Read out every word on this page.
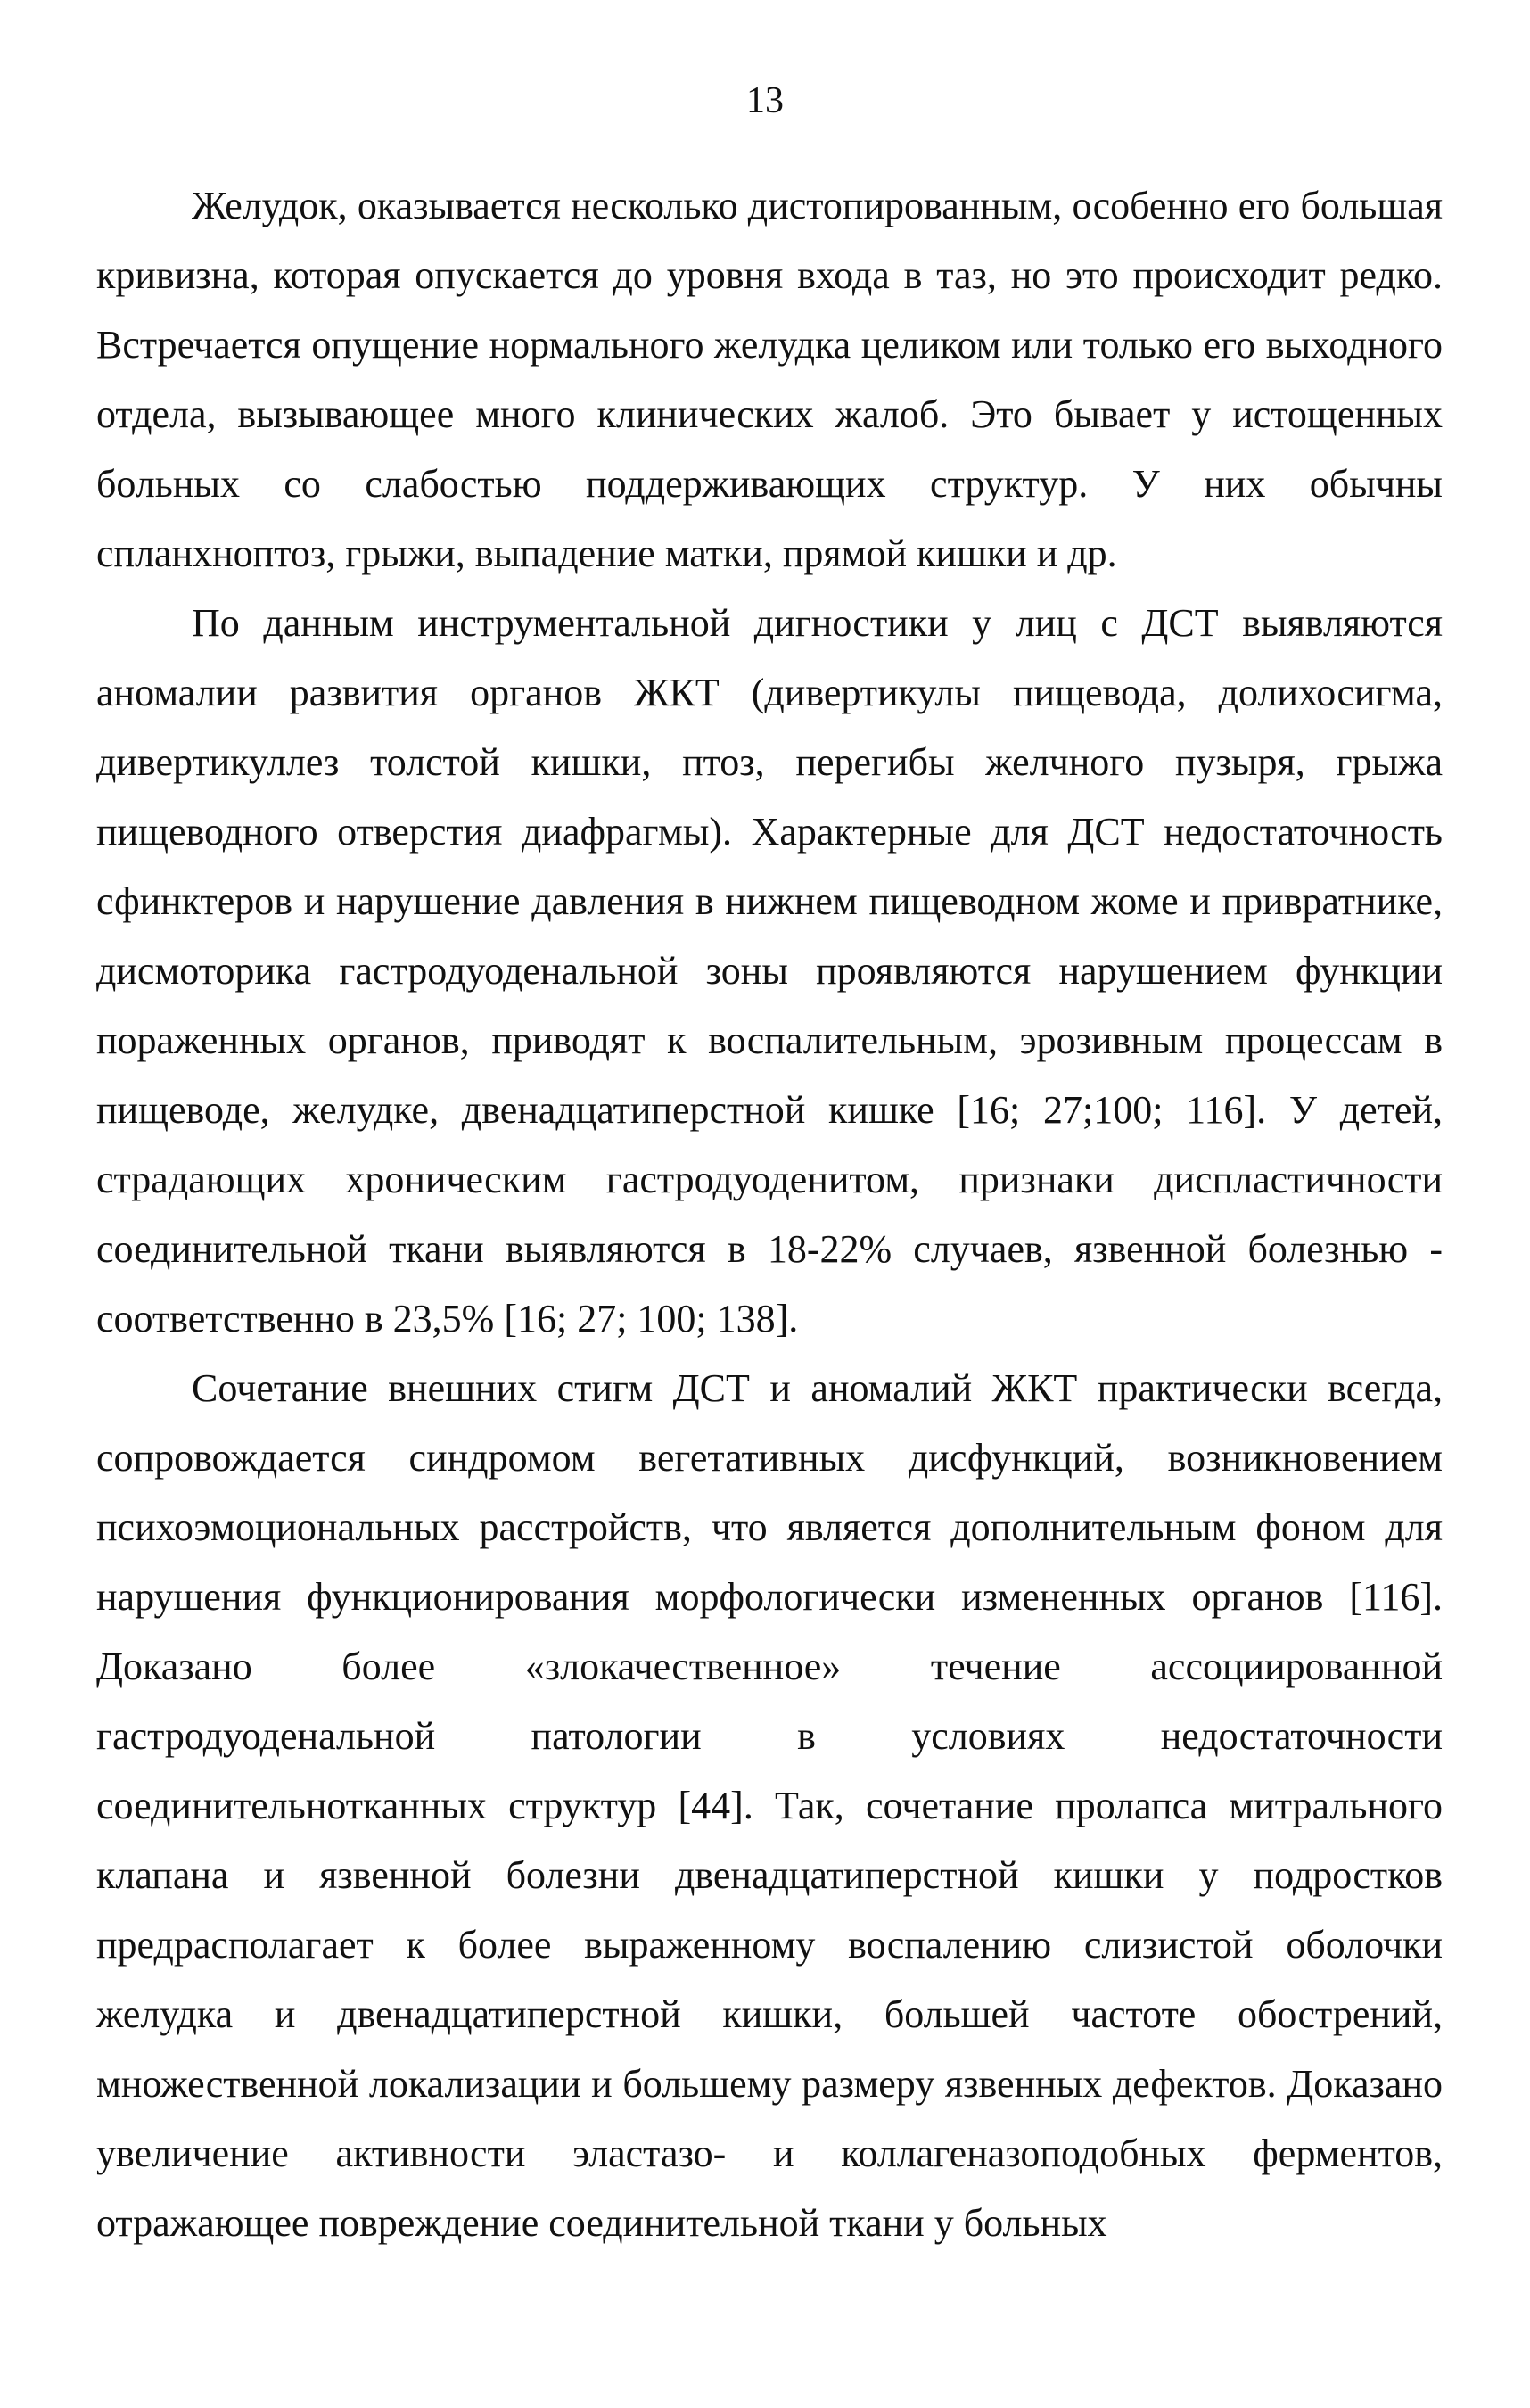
13

Желудок, оказывается несколько дистопированным, особенно его большая кривизна, которая опускается до уровня входа в таз, но это происходит редко. Встречается опущение нормального желудка целиком или только его выходного отдела, вызывающее много клинических жалоб. Это бывает у истощенных больных со слабостью поддерживающих структур. У них обычны спланхноптоз, грыжи, выпадение матки, прямой кишки и др.

По данным инструментальной дигностики у лиц с ДСТ выявляются аномалии развития органов ЖКТ (дивертикулы пищевода, долихосигма, дивертикуллез толстой кишки, птоз, перегибы желчного пузыря, грыжа пищеводного отверстия диафрагмы). Характерные для ДСТ недостаточность сфинктеров и нарушение давления в нижнем пищеводном жоме и привратнике, дисмоторика гастродуоденальной зоны проявляются нарушением функции пораженных органов, приводят к воспалительным, эрозивным процессам в пищеводе, желудке, двенадцатиперстной кишке [16; 27;100; 116]. У детей, страдающих хроническим гастродуоденитом, признаки диспластичности соединительной ткани выявляются в 18-22% случаев, язвенной болезнью - соответственно в 23,5% [16; 27; 100; 138].

Сочетание внешних стигм ДСТ и аномалий ЖКТ практически всегда, сопровождается синдромом вегетативных дисфункций, возникновением психоэмоциональных расстройств, что является дополнительным фоном для нарушения функционирования морфологически измененных органов [116]. Доказано более «злокачественное» течение ассоциированной гастродуоденальной патологии в условиях недостаточности соединительнотканных структур [44]. Так, сочетание пролапса митрального клапана и язвенной болезни двенадцатиперстной кишки у подростков предрасполагает к более выраженному воспалению слизистой оболочки желудка и двенадцатиперстной кишки, большей частоте обострений, множественной локализации и большему размеру язвенных дефектов. Доказано увеличение активности эластазо- и коллагеназоподобных ферментов, отражающее повреждение соединительной ткани у больных
